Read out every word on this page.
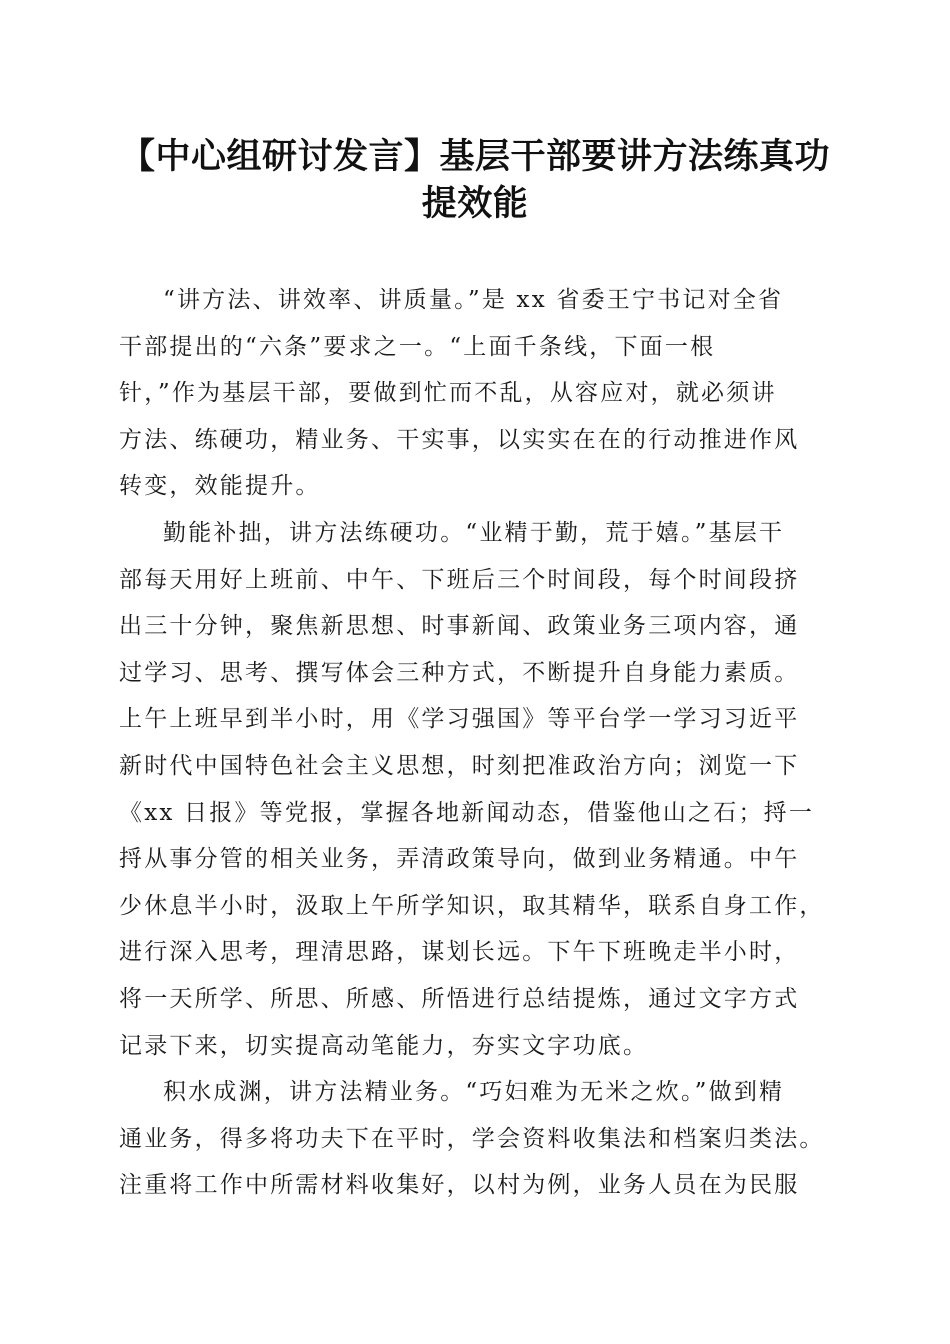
【中心组研讨发言】基层干部要讲方法练真功
提效能
“讲方法、讲效率、讲质量。”是 xx 省委王宁书记对全省
干部提出的“六条”要求之一。“上面千条线，下面一根
针，”作为基层干部，要做到忙而不乱，从容应对，就必须讲
方法、练硬功，精业务、干实事，以实实在在的行动推进作风
转变，效能提升。
勤能补拙，讲方法练硬功。“业精于勤，荒于嬉。”基层干
部每天用好上班前、中午、下班后三个时间段，每个时间段挤
出三十分钟，聚焦新思想、时事新闻、政策业务三项内容，通
过学习、思考、撰写体会三种方式，不断提升自身能力素质。
上午上班早到半小时，用《学习强国》等平台学一学习习近平
新时代中国特色社会主义思想，时刻把准政治方向；浏览一下
《xx 日报》等党报，掌握各地新闻动态，借鉴他山之石；捋一
捋从事分管的相关业务，弄清政策导向，做到业务精通。中午
少休息半小时，汲取上午所学知识，取其精华，联系自身工作，
进行深入思考，理清思路，谋划长远。下午下班晚走半小时，
将一天所学、所思、所感、所悟进行总结提炼，通过文字方式
记录下来，切实提高动笔能力，夯实文字功底。
积水成渊，讲方法精业务。“巧妇难为无米之炊。”做到精
通业务，得多将功夫下在平时，学会资料收集法和档案归类法。
注重将工作中所需材料收集好，以村为例，业务人员在为民服
